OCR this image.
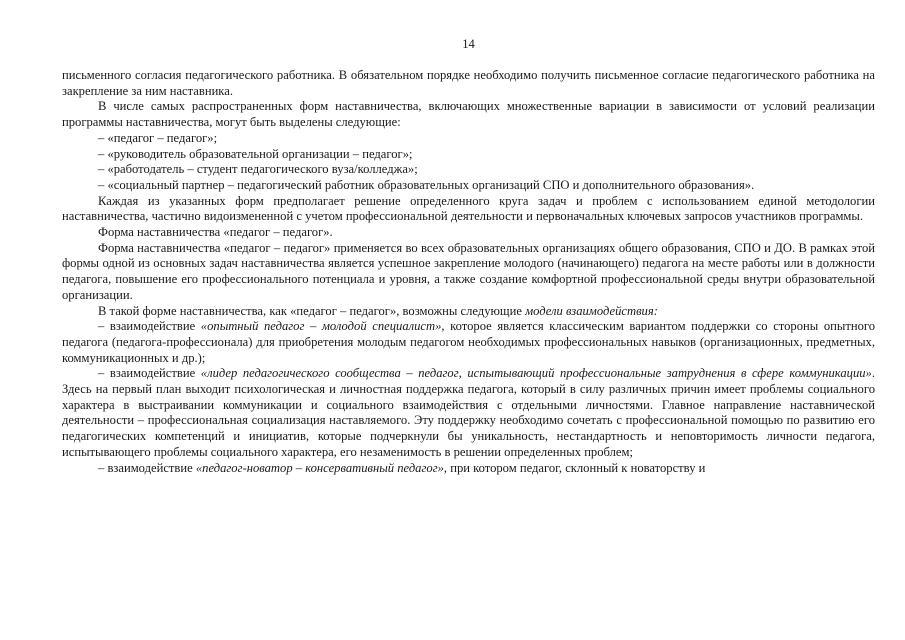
14

письменного согласия педагогического работника. В обязательном порядке необходимо получить письменное согласие педагогического работника на закрепление за ним наставника.

В числе самых распространенных форм наставничества, включающих множественные вариации в зависимости от условий реализации программы наставничества, могут быть выделены следующие:

– «педагог – педагог»;

– «руководитель образовательной организации – педагог»;

– «работодатель – студент педагогического вуза/колледжа»;

– «социальный партнер – педагогический работник образовательных организаций СПО и дополнительного образования».

Каждая из указанных форм предполагает решение определенного круга задач и проблем с использованием единой методологии наставничества, частично видоизмененной с учетом профессиональной деятельности и первоначальных ключевых запросов участников программы.

Форма наставничества «педагог – педагог».

Форма наставничества «педагог – педагог» применяется во всех образовательных организациях общего образования, СПО и ДО. В рамках этой формы одной из основных задач наставничества является успешное закрепление молодого (начинающего) педагога на месте работы или в должности педагога, повышение его профессионального потенциала и уровня, а также создание комфортной профессиональной среды внутри образовательной организации.

В такой форме наставничества, как «педагог – педагог», возможны следующие модели взаимодействия:

– взаимодействие «опытный педагог – молодой специалист», которое является классическим вариантом поддержки со стороны опытного педагога (педагога-профессионала) для приобретения молодым педагогом необходимых профессиональных навыков (организационных, предметных, коммуникационных и др.);

– взаимодействие «лидер педагогического сообщества – педагог, испытывающий профессиональные затруднения в сфере коммуникации». Здесь на первый план выходит психологическая и личностная поддержка педагога, который в силу различных причин имеет проблемы социального характера в выстраивании коммуникации и социального взаимодействия с отдельными личностями. Главное направление наставнической деятельности – профессиональная социализация наставляемого. Эту поддержку необходимо сочетать с профессиональной помощью по развитию его педагогических компетенций и инициатив, которые подчеркнули бы уникальность, нестандартность и неповторимость личности педагога, испытывающего проблемы социального характера, его незаменимость в решении определенных проблем;

– взаимодействие «педагог-новатор – консервативный педагог», при котором педагог, склонный к новаторству и
